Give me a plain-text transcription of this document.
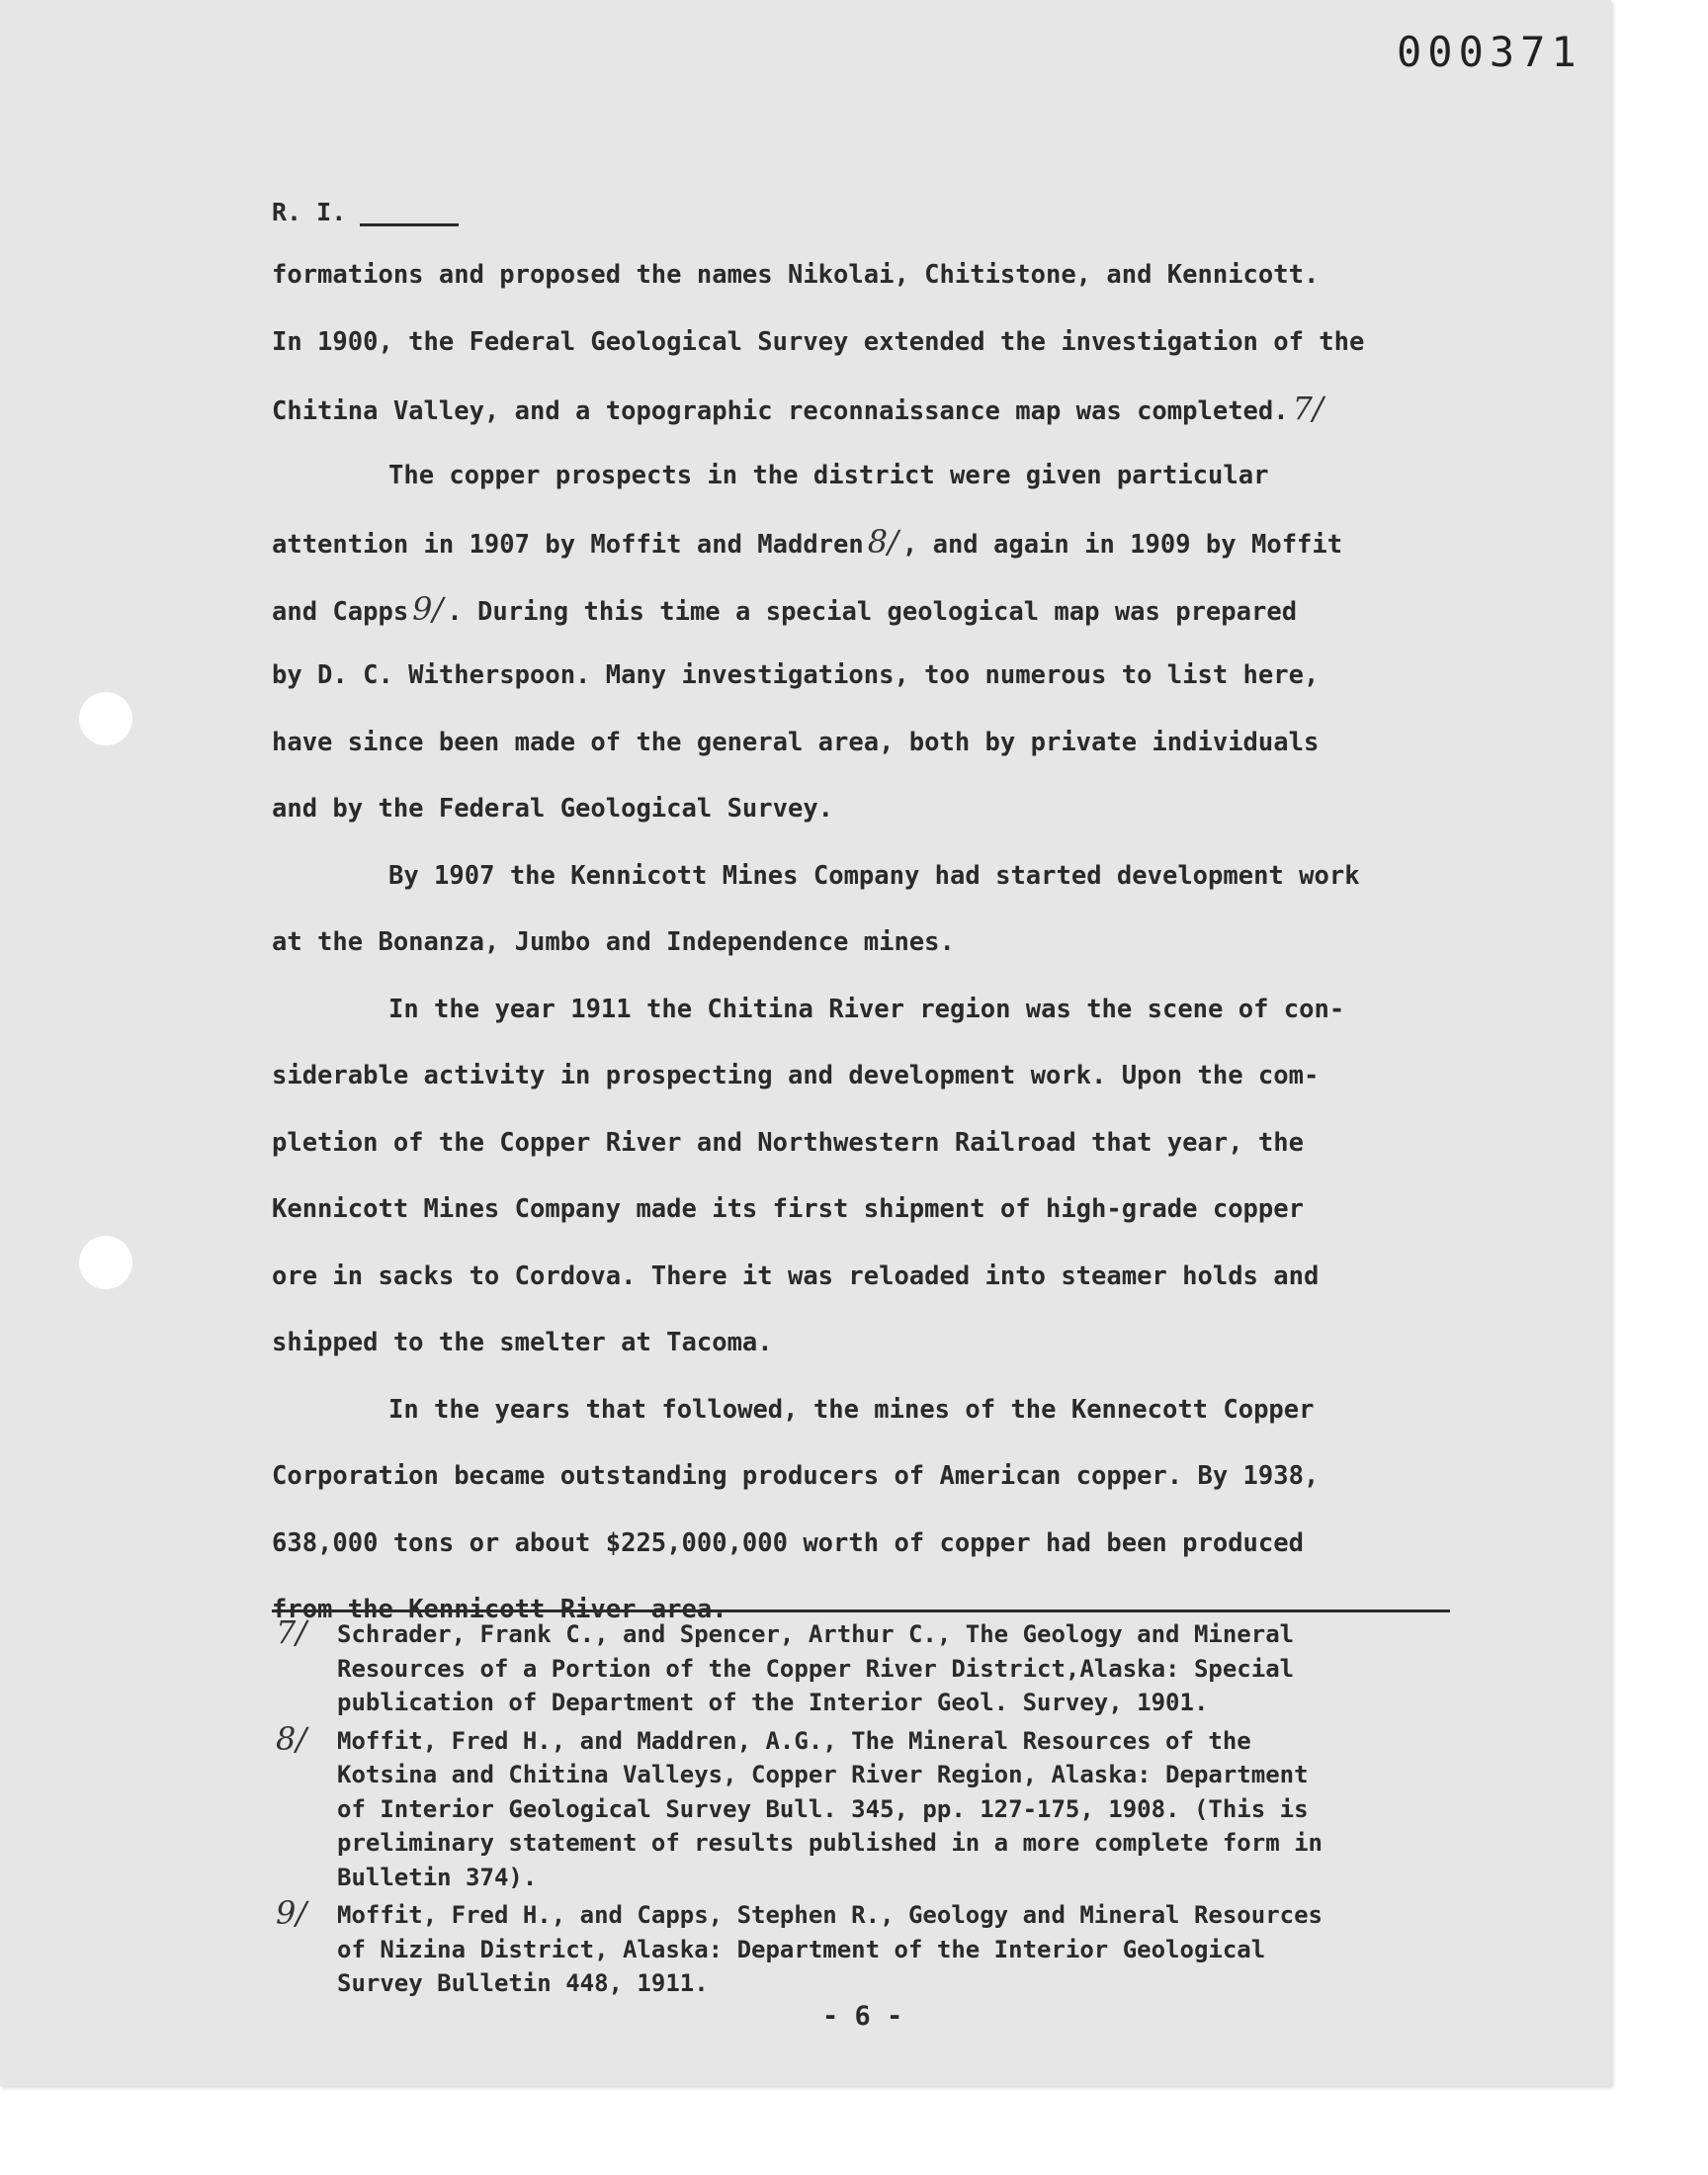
000371
R. I.
formations and proposed the names Nikolai, Chitistone, and Kennicott.
In 1900, the Federal Geological Survey extended the investigation of the
Chitina Valley, and a topographic reconnaissance map was completed. 7/
The copper prospects in the district were given particular
attention in 1907 by Moffit and Maddren 8/ , and again in 1909 by Moffit
and Capps 9/ . During this time a special geological map was prepared
by D. C. Witherspoon. Many investigations, too numerous to list here,
have since been made of the general area, both by private individuals
and by the Federal Geological Survey.
By 1907 the Kennicott Mines Company had started development work
at the Bonanza, Jumbo and Independence mines.
In the year 1911 the Chitina River region was the scene of con-
siderable activity in prospecting and development work. Upon the com-
pletion of the Copper River and Northwestern Railroad that year, the
Kennicott Mines Company made its first shipment of high-grade copper
ore in sacks to Cordova. There it was reloaded into steamer holds and
shipped to the smelter at Tacoma.
In the years that followed, the mines of the Kennecott Copper
Corporation became outstanding producers of American copper. By 1938,
638,000 tons or about $225,000,000 worth of copper had been produced
from the Kennicott River area.
7/ Schrader, Frank C., and Spencer, Arthur C., The Geology and Mineral
Resources of a Portion of the Copper River District,Alaska: Special
publication of Department of the Interior Geol. Survey, 1901.
8/ Moffit, Fred H., and Maddren, A.G., The Mineral Resources of the
Kotsina and Chitina Valleys, Copper River Region, Alaska: Department
of Interior Geological Survey Bull. 345, pp. 127-175, 1908. (This is
preliminary statement of results published in a more complete form in
Bulletin 374).
9/ Moffit, Fred H., and Capps, Stephen R., Geology and Mineral Resources
of Nizina District, Alaska: Department of the Interior Geological
Survey Bulletin 448, 1911.
- 6 -
